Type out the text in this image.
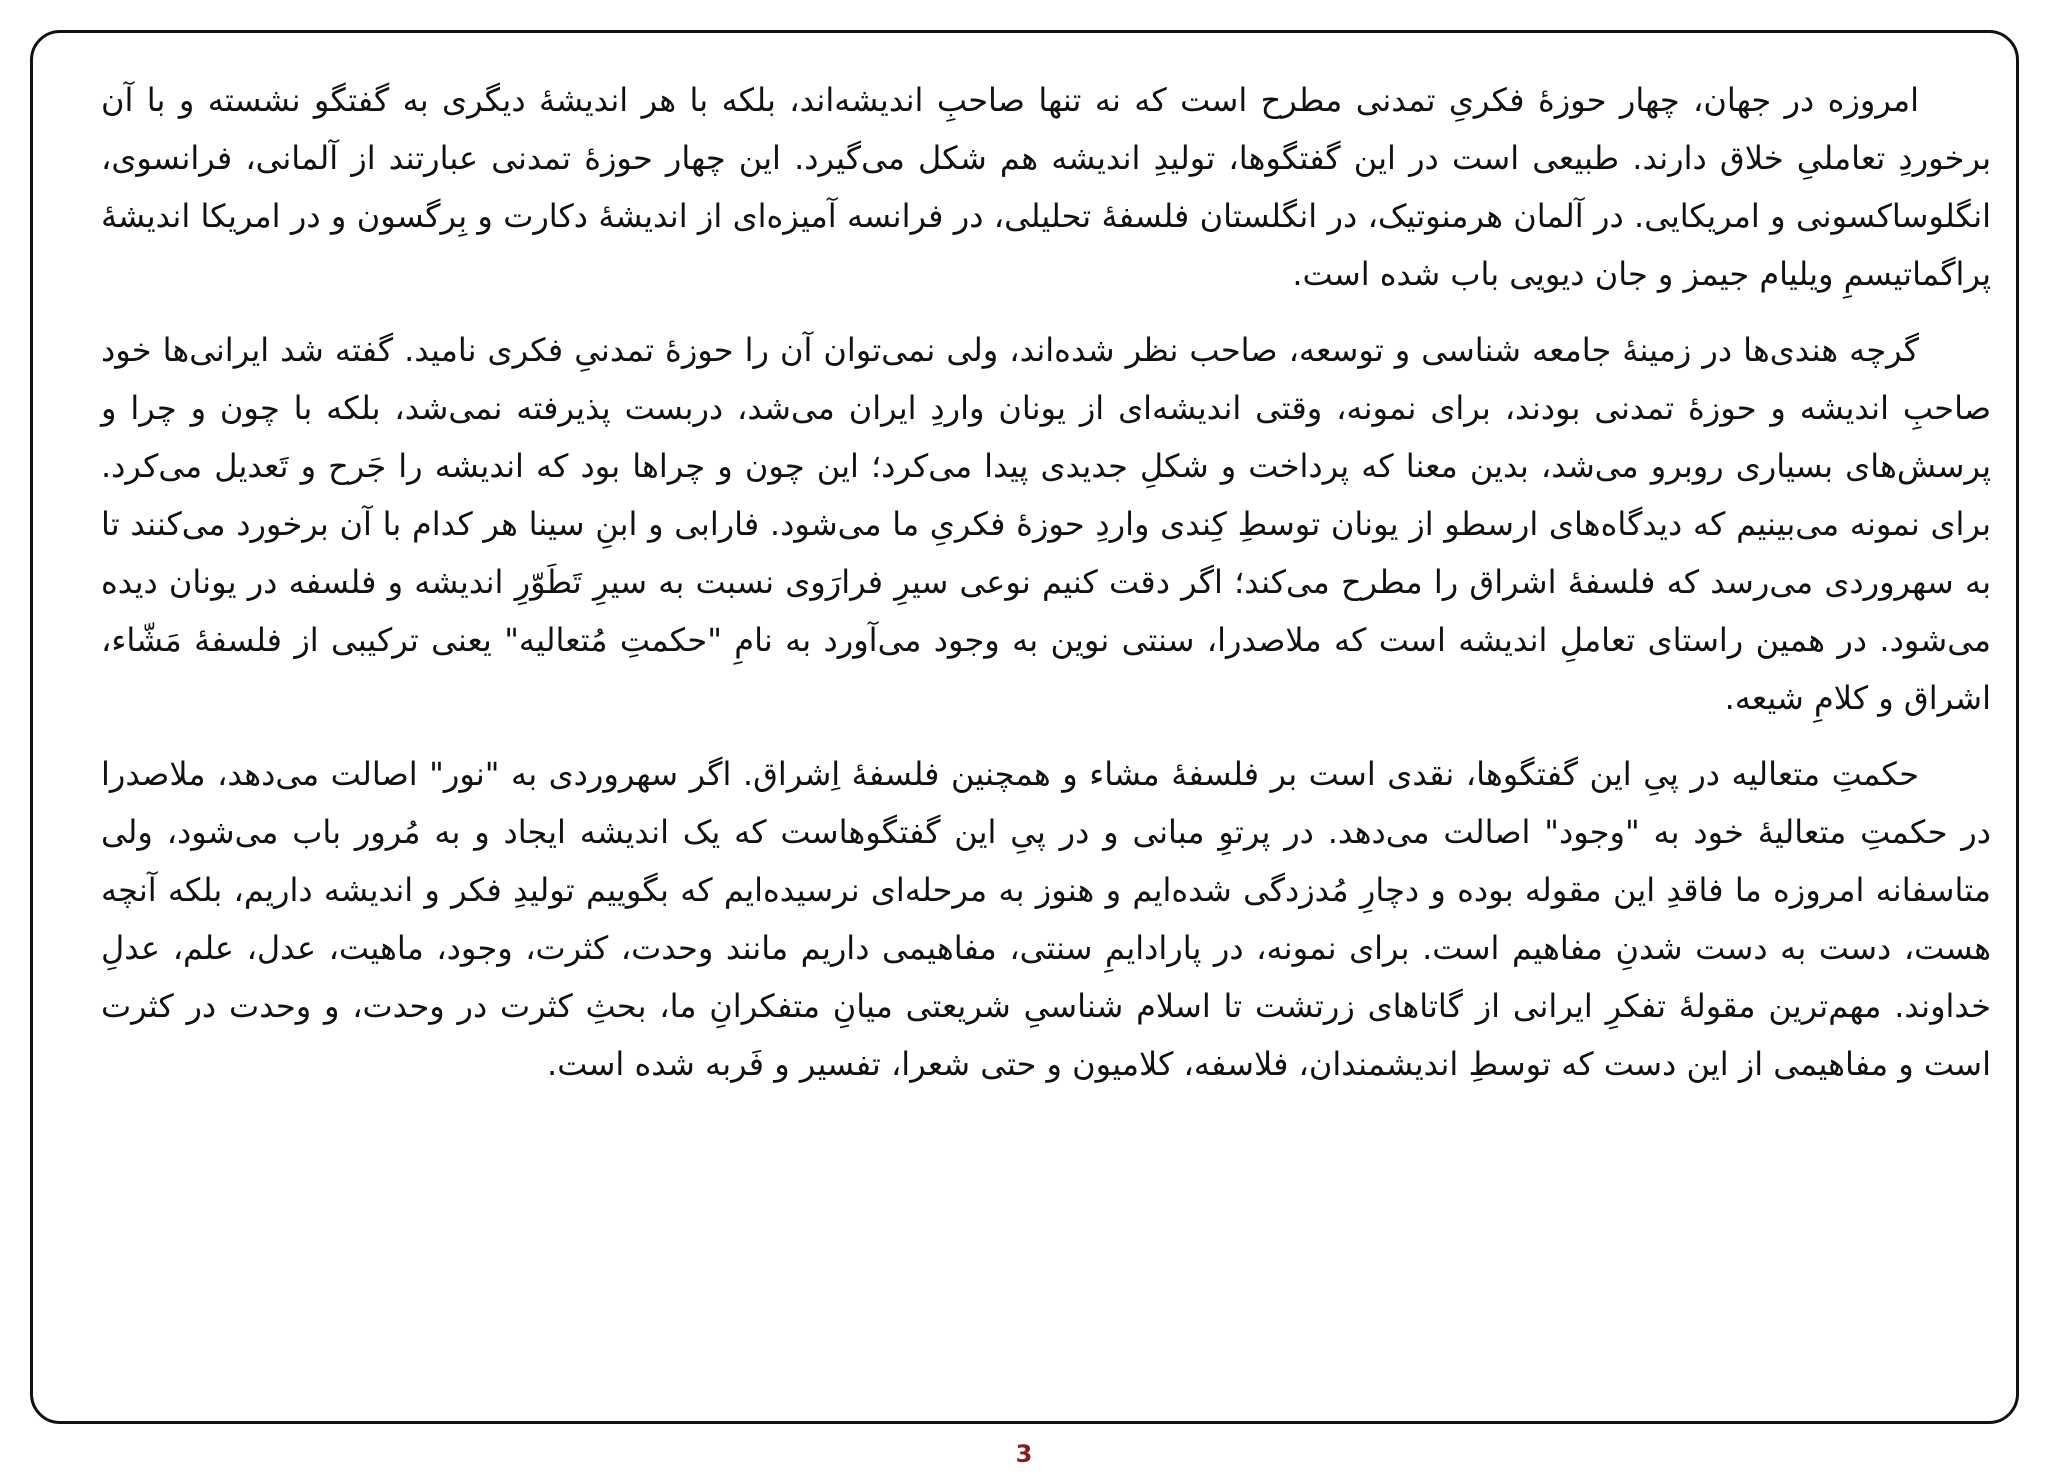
امروزه در جهان، چهار حوزهٔ فکریِ تمدنی مطرح است که نه تنها صاحبِ اندیشه‌اند، بلکه با هر اندیشهٔ دیگری به گفتگو نشسته و با آن برخوردِ تعاملیِ خلاق دارند. طبیعی است در این گفتگوها، تولیدِ اندیشه هم شکل می‌گیرد. این چهار حوزهٔ تمدنی عبارتند از آلمانی، فرانسوی، انگلوساکسونی و امریکایی. در آلمان هرمنوتیک، در انگلستان فلسفهٔ تحلیلی، در فرانسه آمیزه‌ای از اندیشهٔ دکارت و بِرگسون و در امریکا اندیشهٔ پراگماتیسمِ ویلیام جیمز و جان دیویی باب شده است.

گرچه هندی‌ها در زمینهٔ جامعه شناسی و توسعه، صاحب نظر شده‌اند، ولی نمی‌توان آن را حوزهٔ تمدنیِ فکری نامید. گفته شد ایرانی‌ها خود صاحبِ اندیشه و حوزهٔ تمدنی بودند، برای نمونه، وقتی اندیشه‌ای از یونان واردِ ایران می‌شد، دربست پذیرفته نمی‌شد، بلکه با چون و چرا و پرسش‌های بسیاری روبرو می‌شد، بدین معنا که پرداخت و شکلِ جدیدی پیدا می‌کرد؛ این چون و چراها بود که اندیشه را جَرح و تَعدیل می‌کرد. برای نمونه می‌بینیم که دیدگاه‌های ارسطو از یونان توسطِ کِندی واردِ حوزهٔ فکریِ ما می‌شود. فارابی و ابنِ سینا هر کدام با آن برخورد می‌کنند تا به سهروردی می‌رسد که فلسفهٔ اشراق را مطرح می‌کند؛ اگر دقت کنیم نوعی سیرِ فرارَوی نسبت به سیرِ تَطَوّرِ اندیشه و فلسفه در یونان دیده می‌شود. در همین راستای تعاملِ اندیشه است که ملاصدرا، سنتی نوین به وجود می‌آورد به نامِ "حکمتِ مُتعالیه" یعنی ترکیبی از فلسفهٔ مَشّاء، اشراق و کلامِ شیعه.

حکمتِ متعالیه در پیِ این گفتگوها، نقدی است بر فلسفهٔ مشاء و همچنین فلسفهٔ اِشراق. اگر سهروردی به "نور" اصالت می‌دهد، ملاصدرا در حکمتِ متعالیهٔ خود به "وجود" اصالت می‌دهد. در پرتوِ مبانی و در پیِ این گفتگوهاست که یک اندیشه ایجاد و به مُرور باب می‌شود، ولی متاسفانه امروزه ما فاقدِ این مقوله بوده و دچارِ مُدزدگی شده‌ایم و هنوز به مرحله‌ای نرسیده‌ایم که بگوییم تولیدِ فکر و اندیشه داریم، بلکه آنچه هست، دست به دست شدنِ مفاهیم است. برای نمونه، در پارادایمِ سنتی، مفاهیمی داریم مانند وحدت، کثرت، وجود، ماهیت، عدل، علم، عدلِ خداوند. مهم‌ترین مقولهٔ تفکرِ ایرانی از گاتاهای زرتشت تا اسلام شناسیِ شریعتی میانِ متفکرانِ ما، بحثِ کثرت در وحدت، و وحدت در کثرت است و مفاهیمی از این دست که توسطِ اندیشمندان، فلاسفه، کلامیون و حتی شعرا، تفسیر و فَربه شده است.

3
